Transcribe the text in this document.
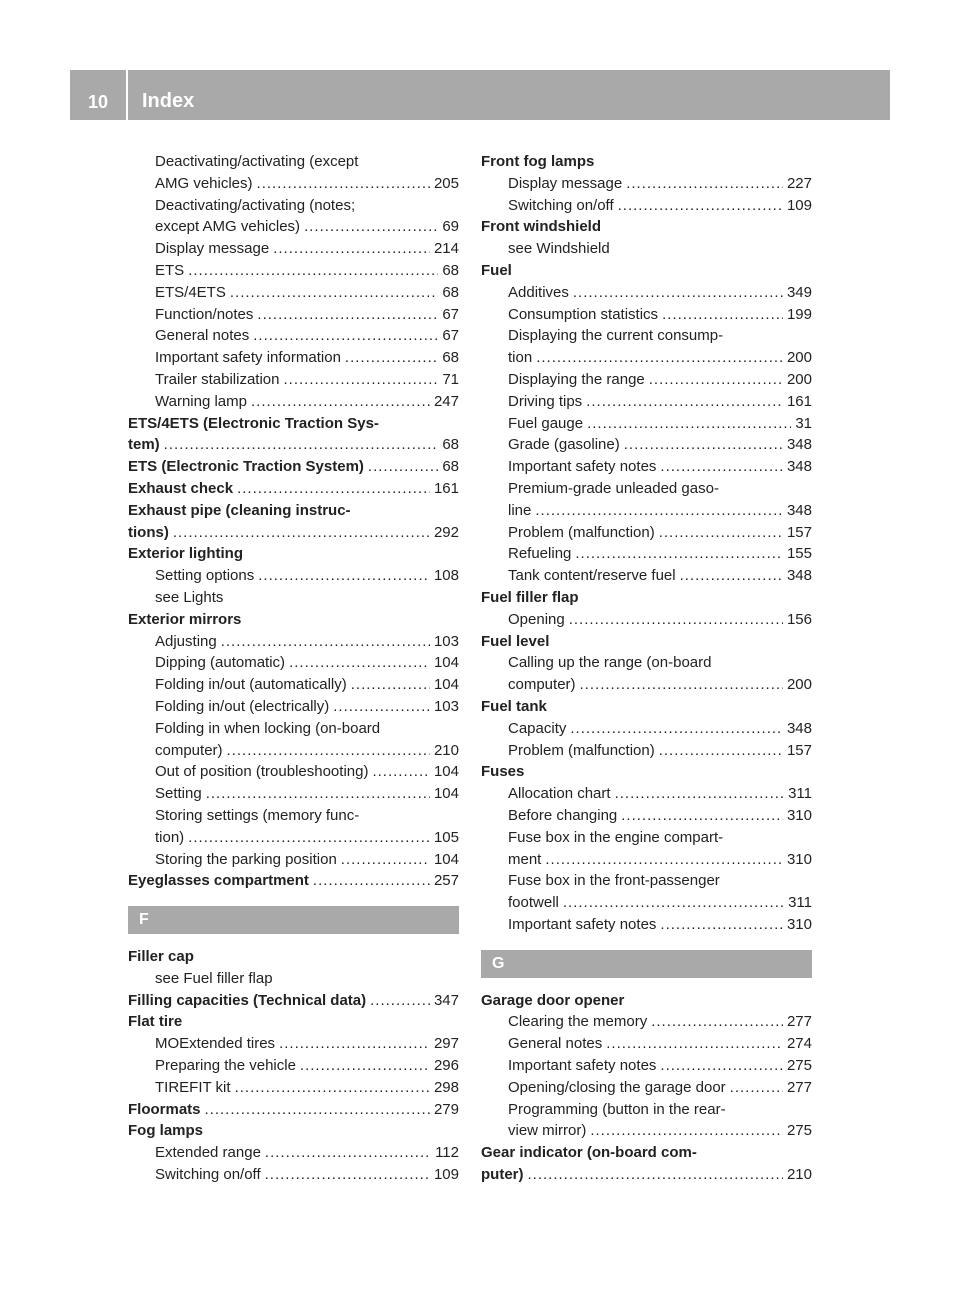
10	Index
Deactivating/activating (except
AMG vehicles) .....	205
Deactivating/activating (notes;
except AMG vehicles) .....	69
Display message .....	214
ETS .....	68
ETS/4ETS .....	68
Function/notes .....	67
General notes .....	67
Important safety information .....	68
Trailer stabilization .....	71
Warning lamp .....	247
ETS/4ETS (Electronic Traction Sys-
tem) .....	68
ETS (Electronic Traction System) .....	68
Exhaust check .....	161
Exhaust pipe (cleaning instruc-
tions) .....	292
Exterior lighting
Setting options .....	108
see Lights
Exterior mirrors
Adjusting .....	103
Dipping (automatic) .....	104
Folding in/out (automatically) .....	104
Folding in/out (electrically) .....	103
Folding in when locking (on-board
computer) .....	210
Out of position (troubleshooting) .....	104
Setting .....	104
Storing settings (memory func-
tion) .....	105
Storing the parking position .....	104
Eyeglasses compartment .....	257
F
Filler cap
see Fuel filler flap
Filling capacities (Technical data) .....	347
Flat tire
MOExtended tires .....	297
Preparing the vehicle .....	296
TIREFIT kit .....	298
Floormats .....	279
Fog lamps
Extended range .....	112
Switching on/off .....	109
Front fog lamps
Display message .....	227
Switching on/off .....	109
Front windshield
see Windshield
Fuel
Additives .....	349
Consumption statistics .....	199
Displaying the current consump-
tion .....	200
Displaying the range .....	200
Driving tips .....	161
Fuel gauge .....	31
Grade (gasoline) .....	348
Important safety notes .....	348
Premium-grade unleaded gaso-
line .....	348
Problem (malfunction) .....	157
Refueling .....	155
Tank content/reserve fuel .....	348
Fuel filler flap
Opening .....	156
Fuel level
Calling up the range (on-board
computer) .....	200
Fuel tank
Capacity .....	348
Problem (malfunction) .....	157
Fuses
Allocation chart .....	311
Before changing .....	310
Fuse box in the engine compart-
ment .....	310
Fuse box in the front-passenger
footwell .....	311
Important safety notes .....	310
G
Garage door opener
Clearing the memory .....	277
General notes .....	274
Important safety notes .....	275
Opening/closing the garage door .....	277
Programming (button in the rear-
view mirror) .....	275
Gear indicator (on-board com-
puter) .....	210
